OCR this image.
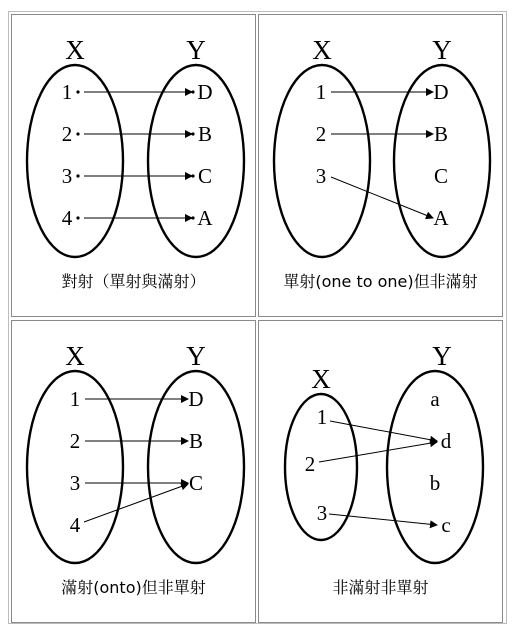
X	Y
1
2
3
4
D
B
C
A
對射（單射與滿射）
X	Y
1
2
3
D
B
C
A
單射(one to one)但非滿射
X	Y
1
2
3
4
D
B
C
滿射(onto)但非單射
X
Y
1
2
3
a
d
b
c
非滿射非單射
